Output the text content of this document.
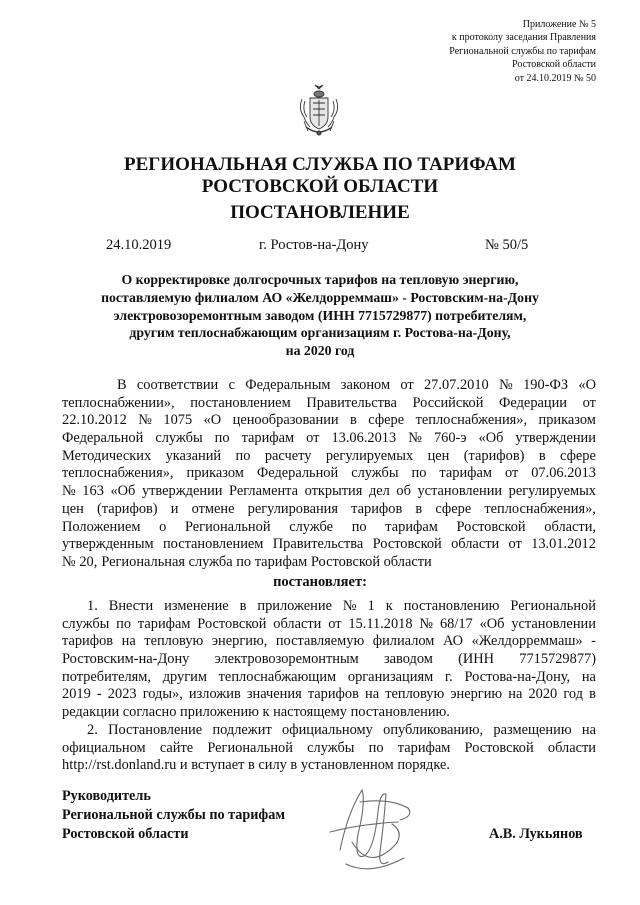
Приложение № 5
к протоколу заседания Правления
Региональной службы по тарифам
Ростовской области
от 24.10.2019 № 50
РЕГИОНАЛЬНАЯ СЛУЖБА ПО ТАРИФАМ
РОСТОВСКОЙ ОБЛАСТИ
ПОСТАНОВЛЕНИЕ
24.10.2019	г. Ростов-на-Дону	№ 50/5
О корректировке долгосрочных тарифов на тепловую энергию,
поставляемую филиалом АО «Желдорреммаш» - Ростовским-на-Дону
электровозоремонтным заводом (ИНН 7715729877) потребителям,
другим теплоснабжающим организациям г. Ростова-на-Дону,
на 2020 год
В соответствии с Федеральным законом от 27.07.2010 № 190-ФЗ «О
теплоснабжении», постановлением Правительства Российской Федерации от
22.10.2012 № 1075 «О ценообразовании в сфере теплоснабжения», приказом
Федеральной службы по тарифам от 13.06.2013 № 760-э «Об утверждении
Методических указаний по расчету регулируемых цен (тарифов) в сфере
теплоснабжения», приказом Федеральной службы по тарифам от 07.06.2013
№ 163 «Об утверждении Регламента открытия дел об установлении регулируемых
цен (тарифов) и отмене регулирования тарифов в сфере теплоснабжения»,
Положением о Региональной службе по тарифам Ростовской области,
утвержденным постановлением Правительства Ростовской области от 13.01.2012
№ 20, Региональная служба по тарифам Ростовской области
постановляет:
1. Внести изменение в приложение № 1 к постановлению Региональной
службы по тарифам Ростовской области от 15.11.2018 № 68/17 «Об установлении
тарифов на тепловую энергию, поставляемую филиалом АО «Желдорреммаш» -
Ростовским-на-Дону электровозоремонтным заводом (ИНН 7715729877)
потребителям, другим теплоснабжающим организациям г. Ростова-на-Дону, на
2019 - 2023 годы», изложив значения тарифов на тепловую энергию на 2020 год в
редакции согласно приложению к настоящему постановлению.
2. Постановление подлежит официальному опубликованию, размещению на
официальном сайте Региональной службы по тарифам Ростовской области
http://rst.donland.ru и вступает в силу в установленном порядке.
Руководитель
Региональной службы по тарифам
Ростовской области	А.В. Лукьянов
